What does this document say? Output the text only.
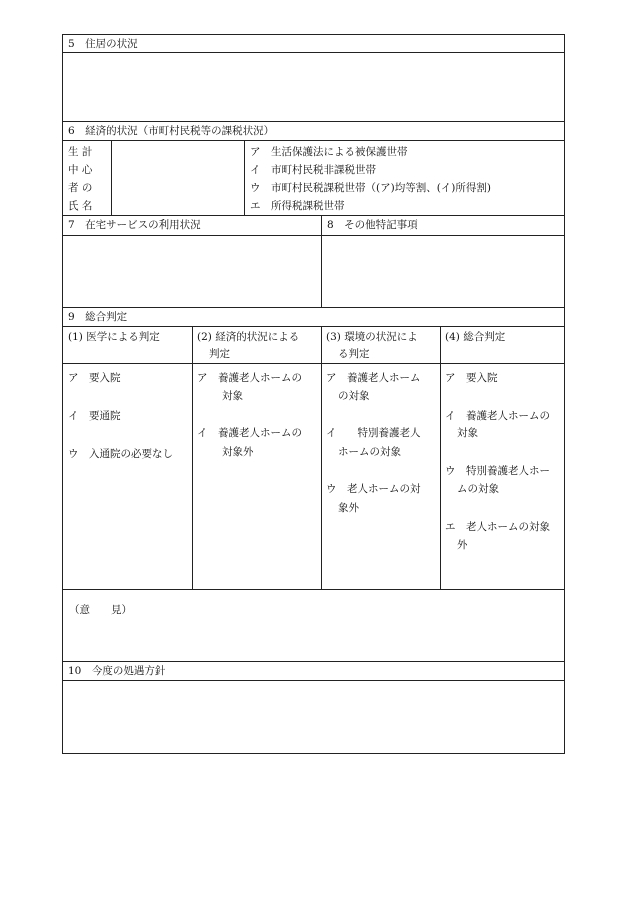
5　住居の状況
6　経済的状況（市町村民税等の課税状況）
生 計
中 心
者 の
氏 名
ア　生活保護法による被保護世帯
イ　市町村民税非課税世帯
ウ　市町村民税課税世帯（(ア)均等割、(イ)所得割)
エ　所得税課税世帯
7　在宅サービスの利用状況	8　その他特記事項
9　総合判定
(1) 医学による判定	(2) 経済的状況による
判定
(3) 環境の状況によ
る判定
(4) 総合判定
ア　要入院
イ　要通院
ウ　入通院の必要なし
ア　養護老人ホームの
対象
イ　養護老人ホームの
対象外
ア　養護老人ホーム
の対象
イ　　特別養護老人
ホームの対象
ウ　老人ホームの対
象外
ア　要入院
イ　養護老人ホームの
対象
ウ　特別養護老人ホー
ムの対象
エ　老人ホームの対象
外
（意　　見）
10　今度の処遇方針
